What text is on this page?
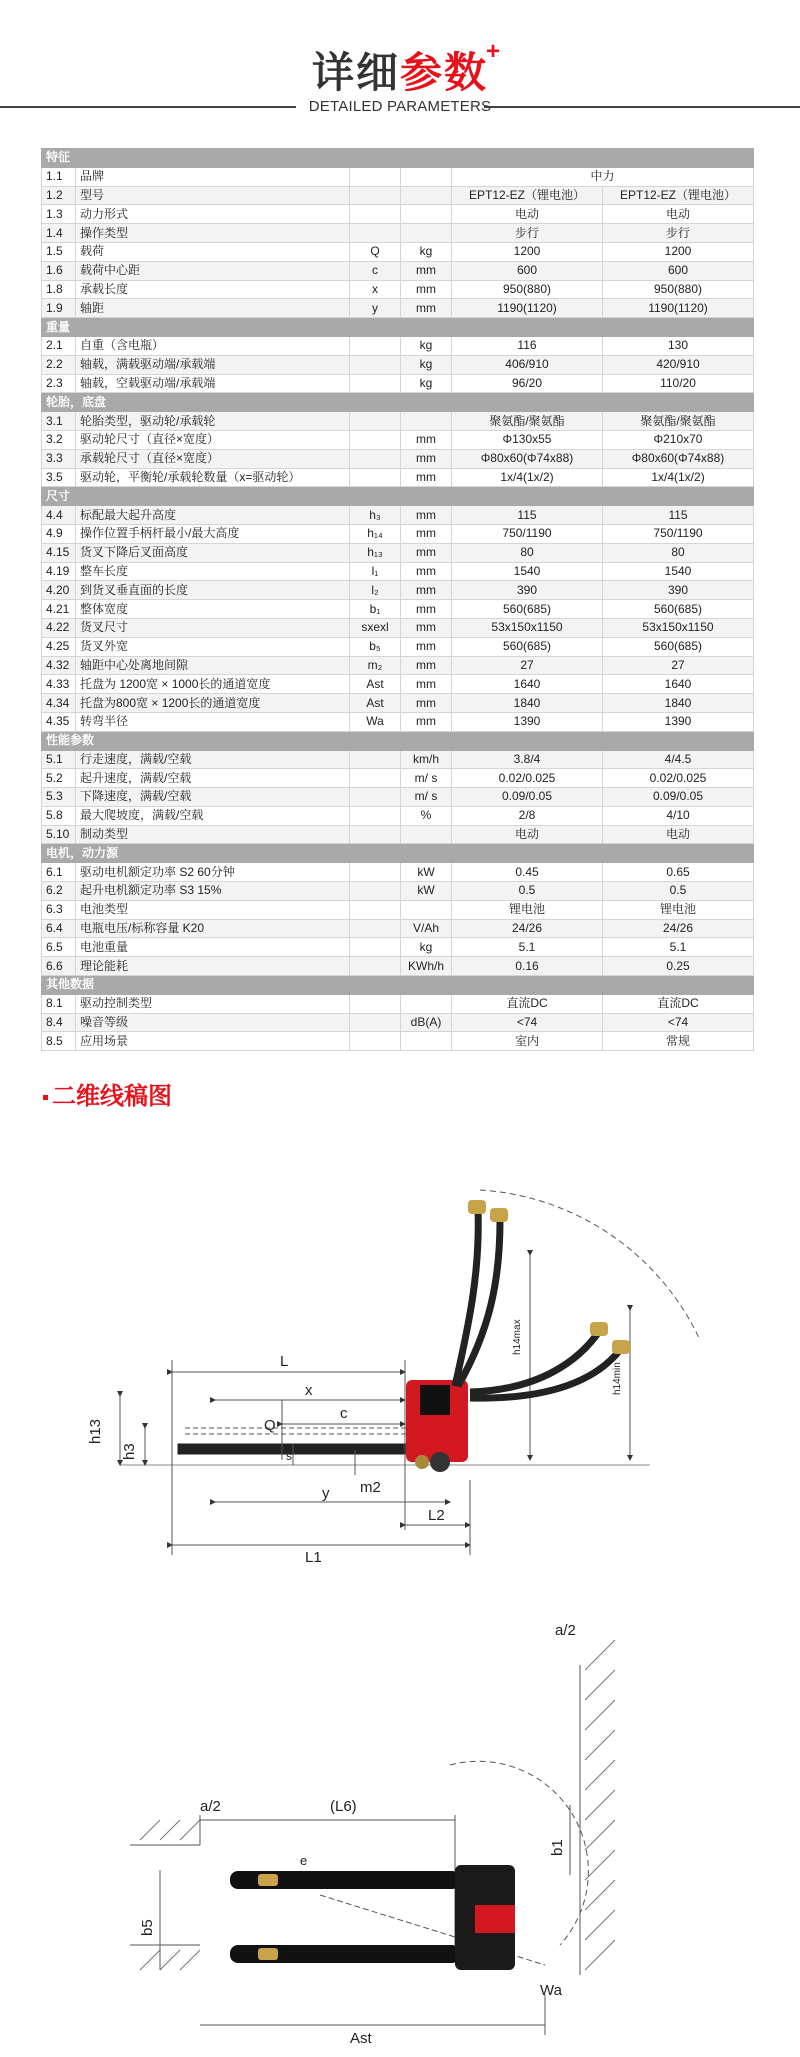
详细参数
+
DETAILED PARAMETERS
特征					
1.1	品牌			中力	
1.2	型号			EPT12-EZ（锂电池）	EPT12-EZ（锂电池）
1.3	动力形式			电动	电动
1.4	操作类型			步行	步行
1.5	载荷	Q	kg	1200	1200
1.6	载荷中心距	c	mm	600	600
1.8	承载长度	x	mm	950(880)	950(880)
1.9	轴距	y	mm	1190(1120)	1190(1120)
重量					
2.1	自重（含电瓶）		kg	116	130
2.2	轴载，满载驱动端/承载端		kg	406/910	420/910
2.3	轴载，空载驱动端/承载端		kg	96/20	110/20
轮胎，底盘					
3.1	轮胎类型，驱动轮/承载轮			聚氨酯/聚氨酯	聚氨酯/聚氨酯
3.2	驱动轮尺寸（直径×宽度）		mm	Φ130x55	Φ210x70
3.3	承载轮尺寸（直径×宽度）		mm	Φ80x60(Φ74x88)	Φ80x60(Φ74x88)
3.5	驱动轮，平衡轮/承载轮数量（x=驱动轮）		mm	1x/4(1x/2)	1x/4(1x/2)
尺寸					
4.4	标配最大起升高度	h₃	mm	115	115
4.9	操作位置手柄杆最小/最大高度	h₁₄	mm	750/1190	750/1190
4.15	货叉下降后叉面高度	h₁₃	mm	80	80
4.19	整车长度	l₁	mm	1540	1540
4.20	到货叉垂直面的长度	l₂	mm	390	390
4.21	整体宽度	b₁	mm	560(685)	560(685)
4.22	货叉尺寸	sxexl	mm	53x150x1150	53x150x1150
4.25	货叉外宽	b₅	mm	560(685)	560(685)
4.32	轴距中心处离地间隙	m₂	mm	27	27
4.33	托盘为 1200宽 × 1000长的通道宽度	Ast	mm	1640	1640
4.34	托盘为800宽 × 1200长的通道宽度	Ast	mm	1840	1840
4.35	转弯半径	Wa	mm	1390	1390
性能参数					
5.1	行走速度，满载/空载		km/h	3.8/4	4/4.5
5.2	起升速度，满载/空载		m/ s	0.02/0.025	0.02/0.025
5.3	下降速度，满载/空载		m/ s	0.09/0.05	0.09/0.05
5.8	最大爬坡度，满载/空载		%	2/8	4/10
5.10	制动类型			电动	电动
电机，动力源					
6.1	驱动电机额定功率 S2 60分钟		kW	0.45	0.65
6.2	起升电机额定功率 S3 15%		kW	0.5	0.5
6.3	电池类型			锂电池	锂电池
6.4	电瓶电压/标称容量 K20		V/Ah	24/26	24/26
6.5	电池重量		kg	5.1	5.1
6.6	理论能耗		KWh/h	0.16	0.25
其他数据					
8.1	驱动控制类型			直流DC	直流DC
8.4	噪音等级		dB(A)	<74	<74
8.5	应用场景			室内	常规
二维线稿图
L
x
c
Q
s
h13
h3
y m2
L2
L1
h14max
h14min
a/2
a/2
(L6)
e
b1
b5
Ast
Wa
